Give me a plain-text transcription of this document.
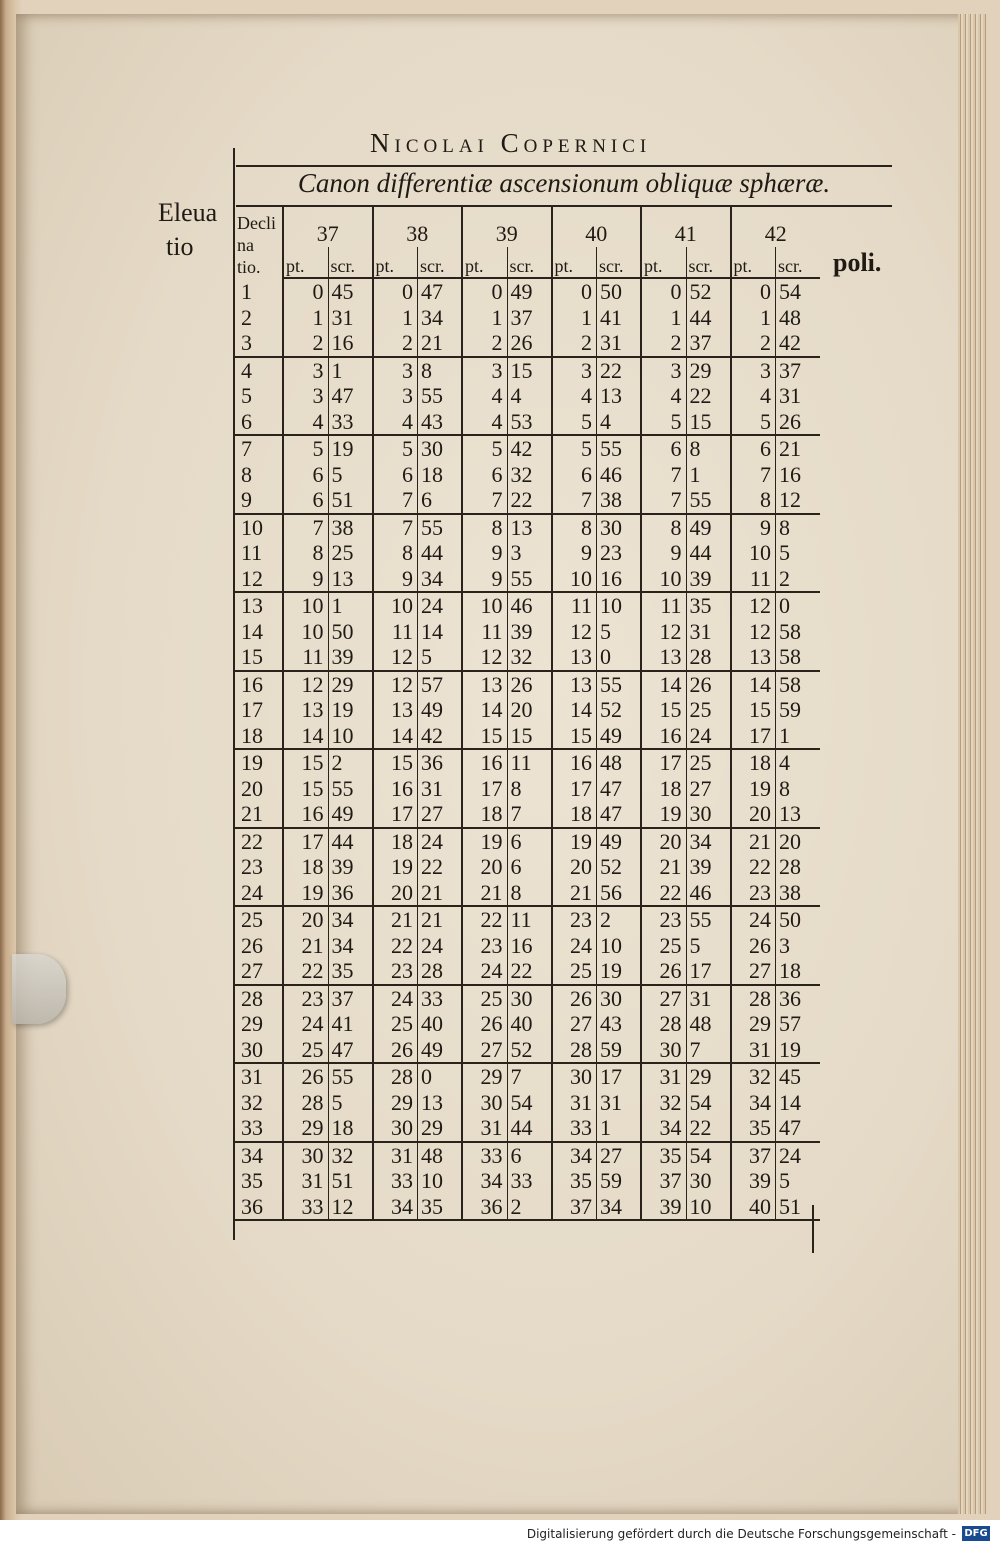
Nicolai Copernici
Eleua
tio
poli.
Canon differentiæ ascensionum obliquæ sphæræ.
Decli
na
tio.	37		38		39		40		41		42	
	pt.	scr.	pt.	scr.	pt.	scr.	pt.	scr.	pt.	scr.	pt.	scr.
1	0	45	0	47	0	49	0	50	0	52	0	54
2	1	31	1	34	1	37	1	41	1	44	1	48
3	2	16	2	21	2	26	2	31	2	37	2	42
4	3	1	3	8	3	15	3	22	3	29	3	37
5	3	47	3	55	4	4	4	13	4	22	4	31
6	4	33	4	43	4	53	5	4	5	15	5	26
7	5	19	5	30	5	42	5	55	6	8	6	21
8	6	5	6	18	6	32	6	46	7	1	7	16
9	6	51	7	6	7	22	7	38	7	55	8	12
10	7	38	7	55	8	13	8	30	8	49	9	8
11	8	25	8	44	9	3	9	23	9	44	10	5
12	9	13	9	34	9	55	10	16	10	39	11	2
13	10	1	10	24	10	46	11	10	11	35	12	0
14	10	50	11	14	11	39	12	5	12	31	12	58
15	11	39	12	5	12	32	13	0	13	28	13	58
16	12	29	12	57	13	26	13	55	14	26	14	58
17	13	19	13	49	14	20	14	52	15	25	15	59
18	14	10	14	42	15	15	15	49	16	24	17	1
19	15	2	15	36	16	11	16	48	17	25	18	4
20	15	55	16	31	17	8	17	47	18	27	19	8
21	16	49	17	27	18	7	18	47	19	30	20	13
22	17	44	18	24	19	6	19	49	20	34	21	20
23	18	39	19	22	20	6	20	52	21	39	22	28
24	19	36	20	21	21	8	21	56	22	46	23	38
25	20	34	21	21	22	11	23	2	23	55	24	50
26	21	34	22	24	23	16	24	10	25	5	26	3
27	22	35	23	28	24	22	25	19	26	17	27	18
28	23	37	24	33	25	30	26	30	27	31	28	36
29	24	41	25	40	26	40	27	43	28	48	29	57
30	25	47	26	49	27	52	28	59	30	7	31	19
31	26	55	28	0	29	7	30	17	31	29	32	45
32	28	5	29	13	30	54	31	31	32	54	34	14
33	29	18	30	29	31	44	33	1	34	22	35	47
34	30	32	31	48	33	6	34	27	35	54	37	24
35	31	51	33	10	34	33	35	59	37	30	39	5
36	33	12	34	35	36	2	37	34	39	10	40	51
Digitalisierung gefördert durch die Deutsche Forschungsgemeinschaft - DFG
